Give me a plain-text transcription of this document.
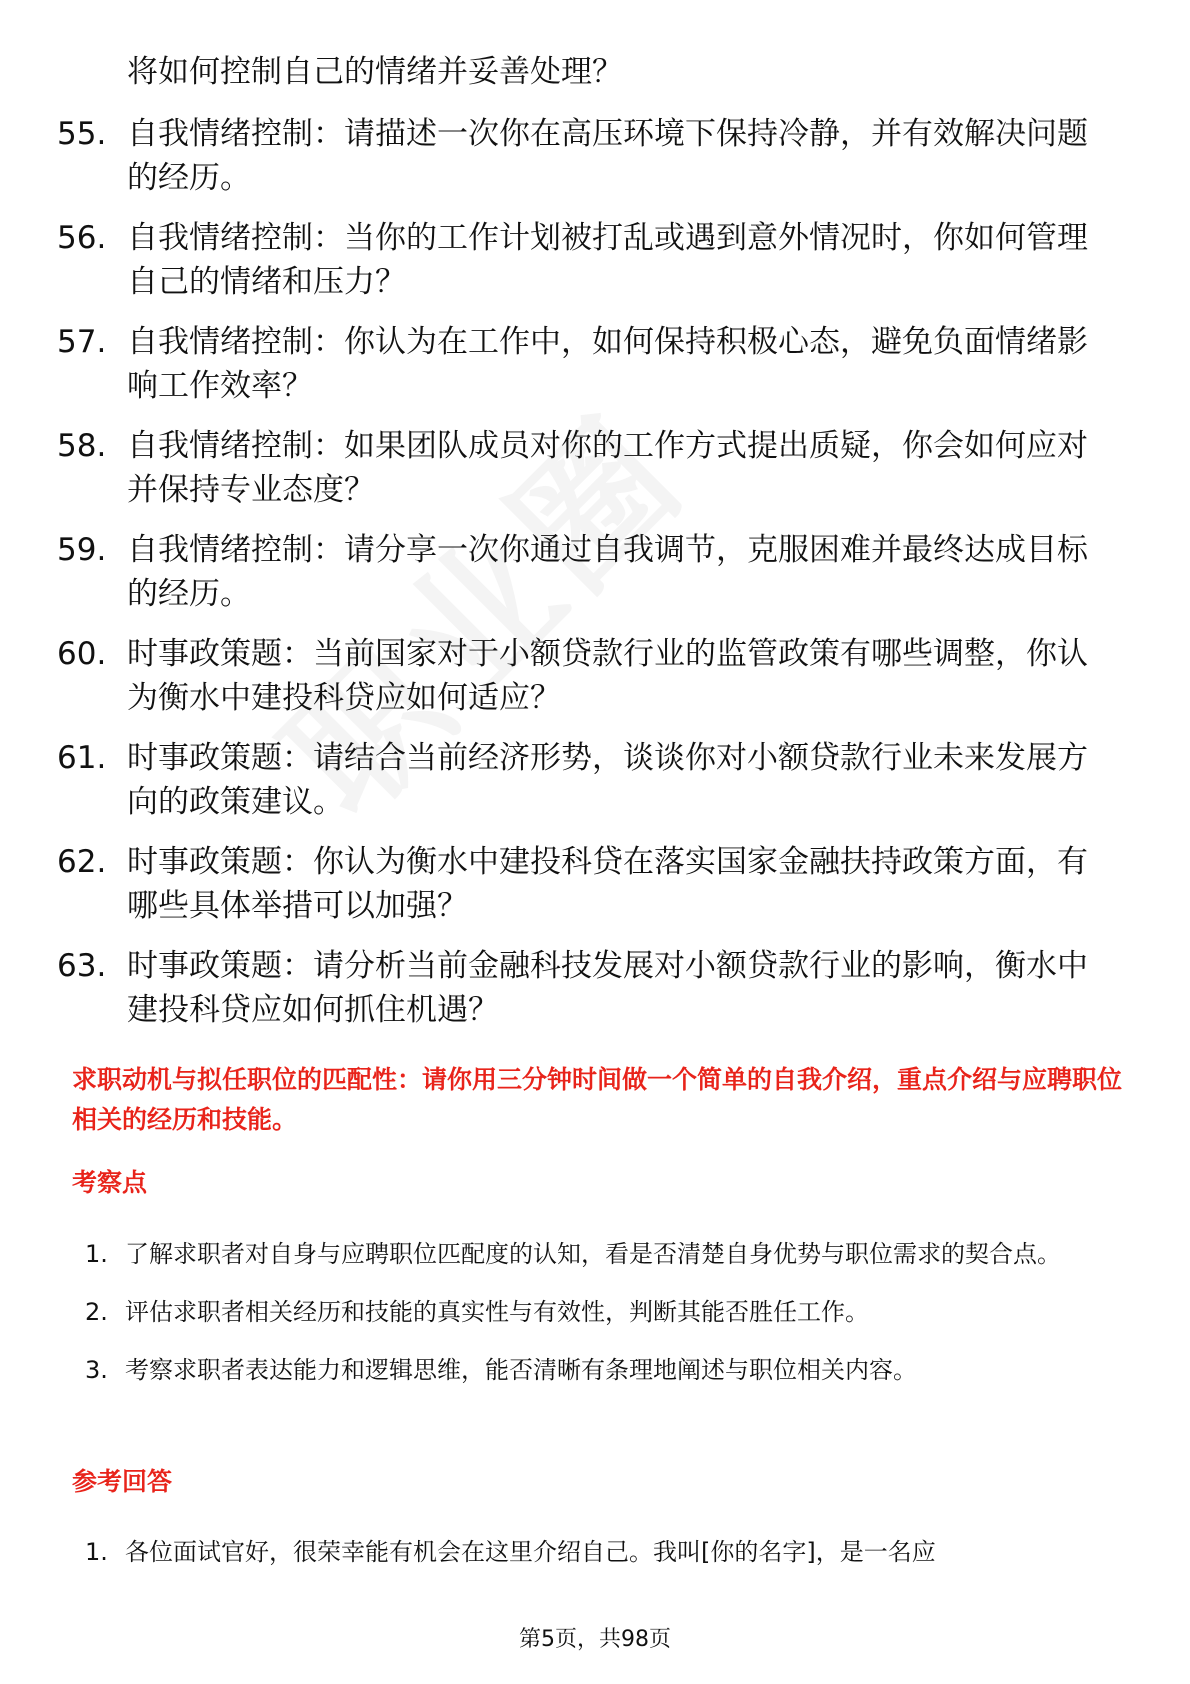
将如何控制自己的情绪并妥善处理？
55. 自我情绪控制：请描述一次你在高压环境下保持冷静，并有效解决问题的经历。
56. 自我情绪控制：当你的工作计划被打乱或遇到意外情况时，你如何管理自己的情绪和压力？
57. 自我情绪控制：你认为在工作中，如何保持积极心态，避免负面情绪影响工作效率？
58. 自我情绪控制：如果团队成员对你的工作方式提出质疑，你会如何应对并保持专业态度？
59. 自我情绪控制：请分享一次你通过自我调节，克服困难并最终达成目标的经历。
60. 时事政策题：当前国家对于小额贷款行业的监管政策有哪些调整，你认为衡水中建投科贷应如何适应？
61. 时事政策题：请结合当前经济形势，谈谈你对小额贷款行业未来发展方向的政策建议。
62. 时事政策题：你认为衡水中建投科贷在落实国家金融扶持政策方面，有哪些具体举措可以加强？
63. 时事政策题：请分析当前金融科技发展对小额贷款行业的影响，衡水中建投科贷应如何抓住机遇？
求职动机与拟任职位的匹配性：请你用三分钟时间做一个简单的自我介绍，重点介绍与应聘职位相关的经历和技能。
考察点
1. 了解求职者对自身与应聘职位匹配度的认知，看是否清楚自身优势与职位需求的契合点。
2. 评估求职者相关经历和技能的真实性与有效性，判断其能否胜任工作。
3. 考察求职者表达能力和逻辑思维，能否清晰有条理地阐述与职位相关内容。
参考回答
1. 各位面试官好，很荣幸能有机会在这里介绍自己。我叫[你的名字]，是一名应
第5页，共98页
